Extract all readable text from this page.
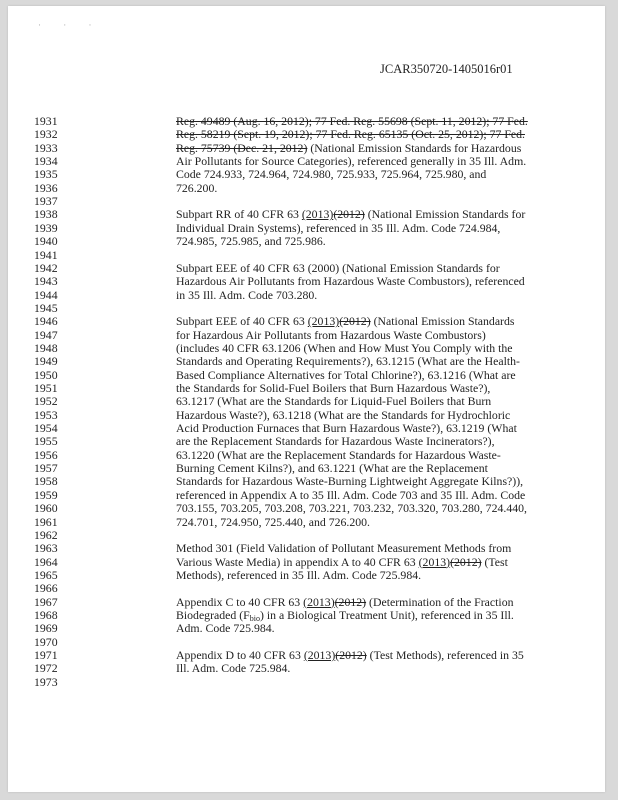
· · ·
JCAR350720-1405016r01
1931	Reg. 49489 (Aug. 16, 2012); 77 Fed. Reg. 55698 (Sept. 11, 2012); 77 Fed.
1932	Reg. 58219 (Sept. 19, 2012); 77 Fed. Reg. 65135 (Oct. 25, 2012); 77 Fed.
1933	Reg. 75739 (Dec. 21, 2012) (National Emission Standards for Hazardous
1934	Air Pollutants for Source Categories), referenced generally in 35 Ill. Adm.
1935	Code 724.933, 724.964, 724.980, 725.933, 725.964, 725.980, and
1936	726.200.
1937
1938	Subpart RR of 40 CFR 63 (2013)(2012) (National Emission Standards for
1939	Individual Drain Systems), referenced in 35 Ill. Adm. Code 724.984,
1940	724.985, 725.985, and 725.986.
1941
1942	Subpart EEE of 40 CFR 63 (2000) (National Emission Standards for
1943	Hazardous Air Pollutants from Hazardous Waste Combustors), referenced
1944	in 35 Ill. Adm. Code 703.280.
1945
1946	Subpart EEE of 40 CFR 63 (2013)(2012) (National Emission Standards
1947	for Hazardous Air Pollutants from Hazardous Waste Combustors)
1948	(includes 40 CFR 63.1206 (When and How Must You Comply with the
1949	Standards and Operating Requirements?), 63.1215 (What are the Health-
1950	Based Compliance Alternatives for Total Chlorine?), 63.1216 (What are
1951	the Standards for Solid-Fuel Boilers that Burn Hazardous Waste?),
1952	63.1217 (What are the Standards for Liquid-Fuel Boilers that Burn
1953	Hazardous Waste?), 63.1218 (What are the Standards for Hydrochloric
1954	Acid Production Furnaces that Burn Hazardous Waste?), 63.1219 (What
1955	are the Replacement Standards for Hazardous Waste Incinerators?),
1956	63.1220 (What are the Replacement Standards for Hazardous Waste-
1957	Burning Cement Kilns?), and 63.1221 (What are the Replacement
1958	Standards for Hazardous Waste-Burning Lightweight Aggregate Kilns?)),
1959	referenced in Appendix A to 35 Ill. Adm. Code 703 and 35 Ill. Adm. Code
1960	703.155, 703.205, 703.208, 703.221, 703.232, 703.320, 703.280, 724.440,
1961	724.701, 724.950, 725.440, and 726.200.
1962
1963	Method 301 (Field Validation of Pollutant Measurement Methods from
1964	Various Waste Media) in appendix A to 40 CFR 63 (2013)(2012) (Test
1965	Methods), referenced in 35 Ill. Adm. Code 725.984.
1966
1967	Appendix C to 40 CFR 63 (2013)(2012) (Determination of the Fraction
1968	Biodegraded $(F_{bio})$ in a Biological Treatment Unit), referenced in 35 Ill.
1969	Adm. Code 725.984.
1970
1971	Appendix D to 40 CFR 63 (2013)(2012) (Test Methods), referenced in 35
1972	Ill. Adm. Code 725.984.
1973
